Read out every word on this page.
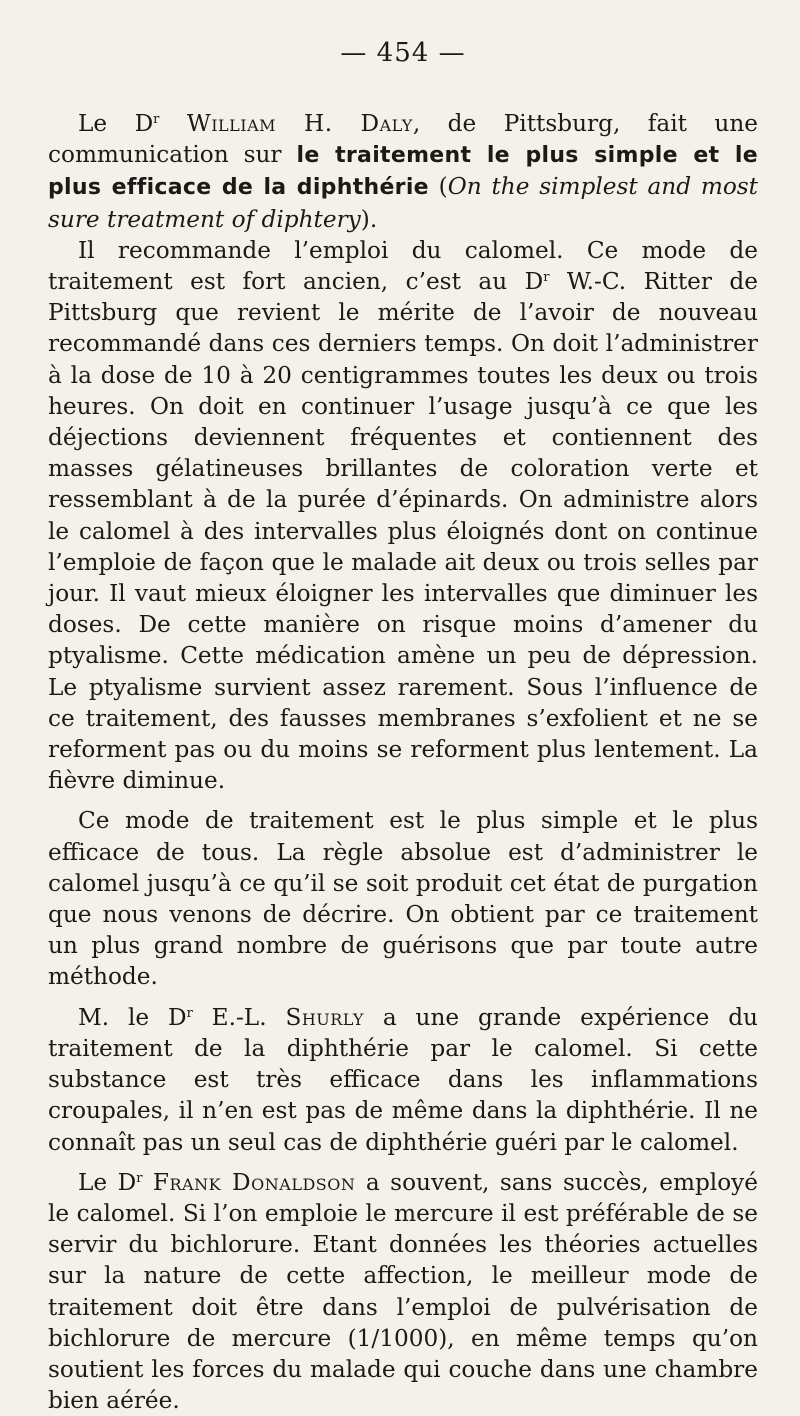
— 454 —

Le $D^r$ William H. Daly, de Pittsburg, fait une communication sur le traitement le plus simple et le plus efficace de la diphthérie (On the simplest and most sure treatment of diphtery).

Il recommande l’emploi du calomel. Ce mode de traitement est fort ancien, c’est au $D^r$ W.-C. Ritter de Pittsburg que revient le mérite de l’avoir de nouveau recommandé dans ces derniers temps. On doit l’administrer à la dose de 10 à 20 centigrammes toutes les deux ou trois heures. On doit en continuer l’usage jusqu’à ce que les déjections deviennent fréquentes et contiennent des masses gélatineuses brillantes de coloration verte et ressemblant à de la purée d’épinards. On administre alors le calomel à des intervalles plus éloignés dont on continue l’emploie de façon que le malade ait deux ou trois selles par jour. Il vaut mieux éloigner les intervalles que diminuer les doses. De cette manière on risque moins d’amener du ptyalisme. Cette médication amène un peu de dépression. Le ptyalisme survient assez rarement. Sous l’influence de ce traitement, des fausses membranes s’exfolient et ne se reforment pas ou du moins se reforment plus lentement. La fièvre diminue.

Ce mode de traitement est le plus simple et le plus efficace de tous. La règle absolue est d’administrer le calomel jusqu’à ce qu’il se soit produit cet état de purgation que nous venons de décrire. On obtient par ce traitement un plus grand nombre de guérisons que par toute autre méthode.

M. le $D^r$ E.-L. Shurly a une grande expérience du traitement de la diphthérie par le calomel. Si cette substance est très efficace dans les inflammations croupales, il n’en est pas de même dans la diphthérie. Il ne connaît pas un seul cas de diphthérie guéri par le calomel.

Le $D^r$ Frank Donaldson a souvent, sans succès, employé le calomel. Si l’on emploie le mercure il est préférable de se servir du bichlorure. Etant données les théories actuelles sur la nature de cette affection, le meilleur mode de traitement doit être dans l’emploi de pulvérisation de bichlorure de mercure (1/1000), en même temps qu’on soutient les forces du malade qui couche dans une chambre bien aérée.
